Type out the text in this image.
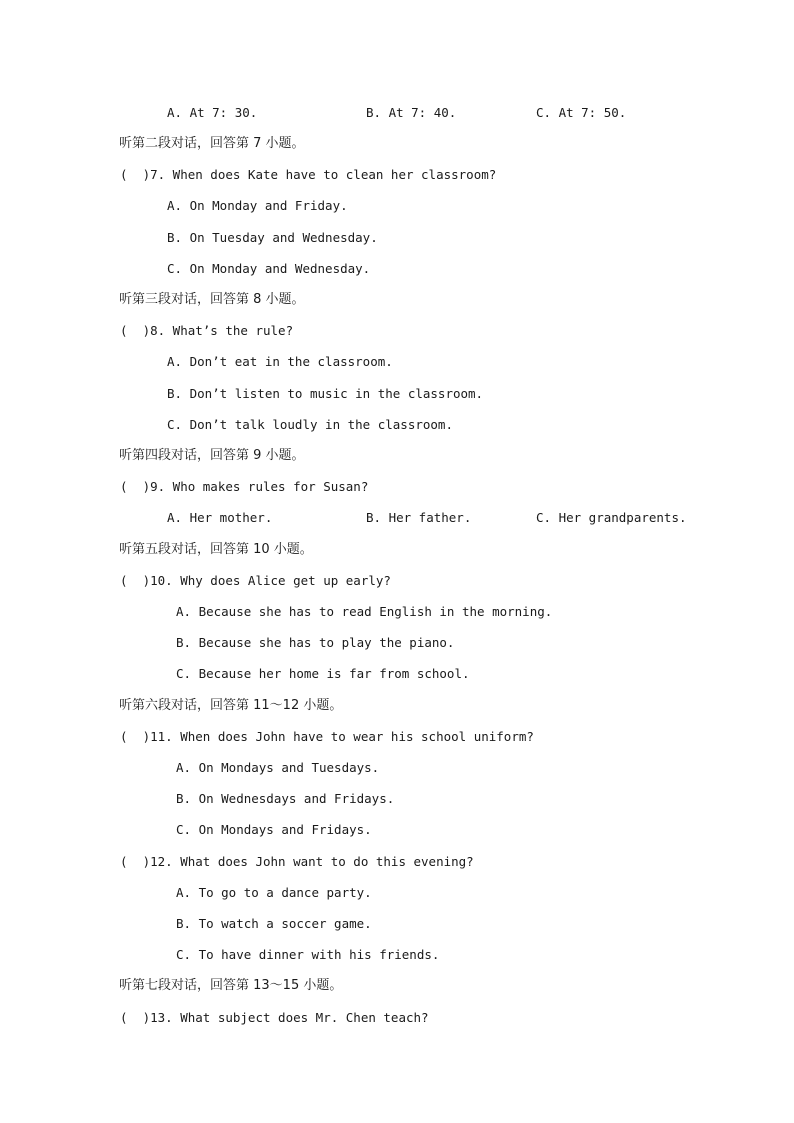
A. At 7: 30.	B. At 7: 40.	C. At 7: 50.
听第二段对话，回答第 7 小题。
(  )7. When does Kate have to clean her classroom?
A. On Monday and Friday.
B. On Tuesday and Wednesday.
C. On Monday and Wednesday.
听第三段对话，回答第 8 小题。
(  )8. What’s the rule?
A. Don’t eat in the classroom.
B. Don’t listen to music in the classroom.
C. Don’t talk loudly in the classroom.
听第四段对话，回答第 9 小题。
(  )9. Who makes rules for Susan?
A. Her mother.	B. Her father.	C. Her grandparents.
听第五段对话，回答第 10 小题。
(  )10. Why does Alice get up early?
A. Because she has to read English in the morning.
B. Because she has to play the piano.
C. Because her home is far from school.
听第六段对话，回答第 11～12 小题。
(  )11. When does John have to wear his school uniform?
A. On Mondays and Tuesdays.
B. On Wednesdays and Fridays.
C. On Mondays and Fridays.
(  )12. What does John want to do this evening?
A. To go to a dance party.
B. To watch a soccer game.
C. To have dinner with his friends.
听第七段对话，回答第 13～15 小题。
(  )13. What subject does Mr. Chen teach?
